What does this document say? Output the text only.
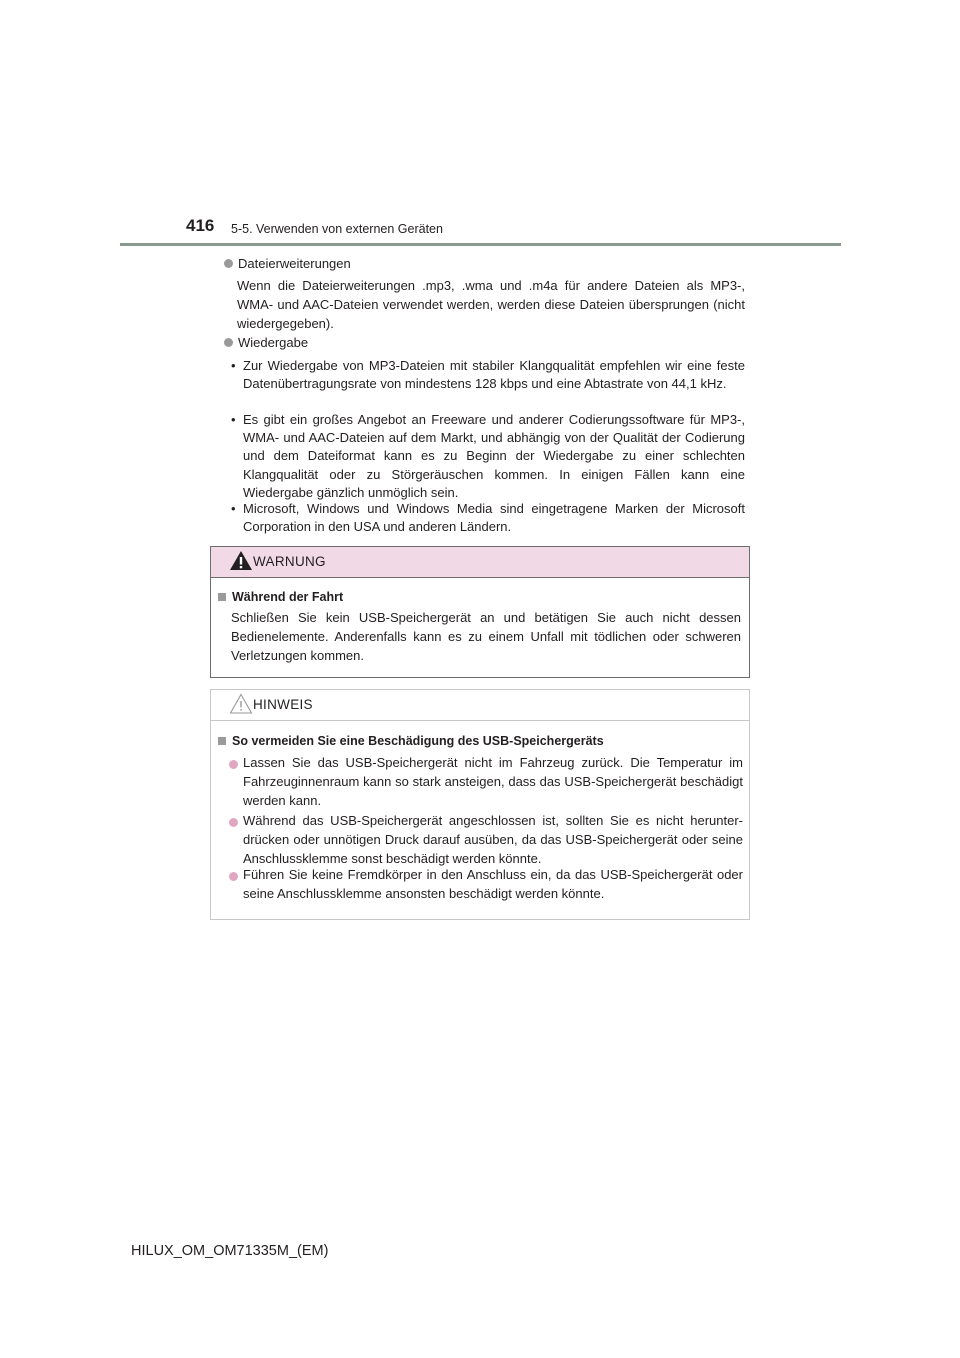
416 5-5. Verwenden von externen Geräten
Dateierweiterungen
Wenn die Dateierweiterungen .mp3, .wma und .m4a für andere Dateien als MP3-, WMA- und AAC-Dateien verwendet werden, werden diese Dateien übersprungen (nicht wiedergegeben).
Wiedergabe
• Zur Wiedergabe von MP3-Dateien mit stabiler Klangqualität empfehlen wir eine feste Datenübertragungsrate von mindestens 128 kbps und eine Abtastrate von 44,1 kHz.
• Es gibt ein großes Angebot an Freeware und anderer Codierungssoftware für MP3-, WMA- und AAC-Dateien auf dem Markt, und abhängig von der Qualität der Codierung und dem Dateiformat kann es zu Beginn der Wiedergabe zu einer schlechten Klangqualität oder zu Störgeräuschen kommen. In einigen Fällen kann eine Wiedergabe gänzlich unmöglich sein.
• Microsoft, Windows und Windows Media sind eingetragene Marken der Microsoft Corporation in den USA und anderen Ländern.
WARNUNG
Während der Fahrt
Schließen Sie kein USB-Speichergerät an und betätigen Sie auch nicht dessen Bedienelemente. Anderenfalls kann es zu einem Unfall mit tödlichen oder schweren Verletzungen kommen.
HINWEIS
So vermeiden Sie eine Beschädigung des USB-Speichergeräts
Lassen Sie das USB-Speichergerät nicht im Fahrzeug zurück. Die Temperatur im Fahrzeuginnenraum kann so stark ansteigen, dass das USB-Speichergerät beschädigt werden kann.
Während das USB-Speichergerät angeschlossen ist, sollten Sie es nicht herunter-drücken oder unnötigen Druck darauf ausüben, da das USB-Speichergerät oder seine Anschlussklemme sonst beschädigt werden könnte.
Führen Sie keine Fremdkörper in den Anschluss ein, da das USB-Speichergerät oder seine Anschlussklemme ansonsten beschädigt werden könnte.
HILUX_OM_OM71335M_(EM)
